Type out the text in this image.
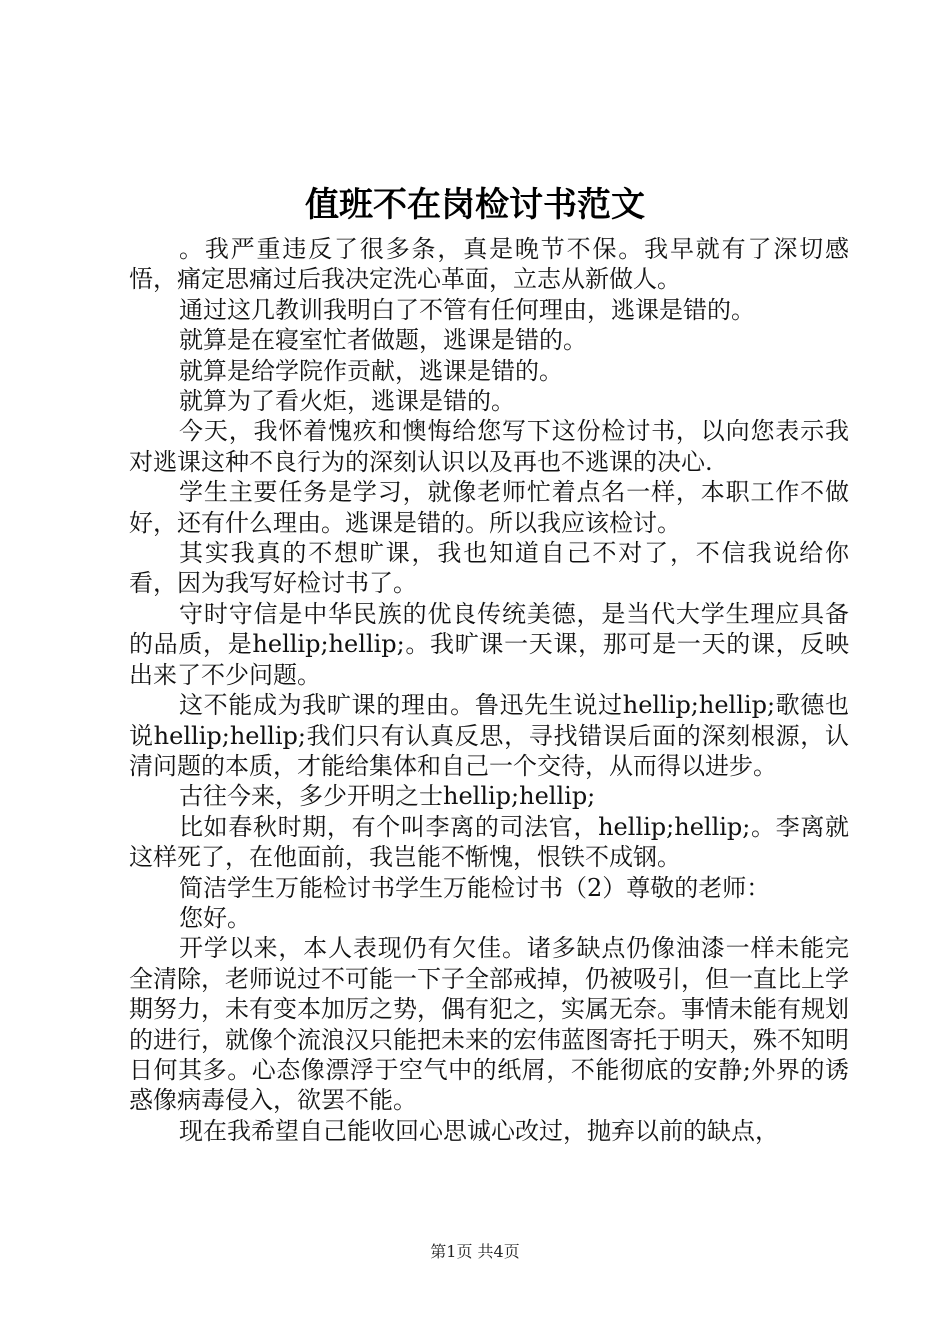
值班不在岗检讨书范文

。我严重违反了很多条，真是晚节不保。我早就有了深切感悟，痛定思痛过后我决定洗心革面，立志从新做人。

通过这几教训我明白了不管有任何理由，逃课是错的。

就算是在寝室忙者做题，逃课是错的。

就算是给学院作贡献，逃课是错的。

就算为了看火炬，逃课是错的。

今天，我怀着愧疚和懊悔给您写下这份检讨书，以向您表示我对逃课这种不良行为的深刻认识以及再也不逃课的决心.

学生主要任务是学习，就像老师忙着点名一样，本职工作不做好，还有什么理由。逃课是错的。所以我应该检讨。

其实我真的不想旷课，我也知道自己不对了，不信我说给你看，因为我写好检讨书了。

守时守信是中华民族的优良传统美德，是当代大学生理应具备的品质，是hellip;hellip;。我旷课一天课，那可是一天的课，反映出来了不少问题。

这不能成为我旷课的理由。鲁迅先生说过hellip;hellip;歌德也说hellip;hellip;我们只有认真反思，寻找错误后面的深刻根源，认清问题的本质，才能给集体和自己一个交待，从而得以进步。

古往今来，多少开明之士hellip;hellip;

比如春秋时期，有个叫李离的司法官，hellip;hellip;。李离就这样死了，在他面前，我岂能不惭愧，恨铁不成钢。

简洁学生万能检讨书学生万能检讨书（2）尊敬的老师：

您好。

开学以来，本人表现仍有欠佳。诸多缺点仍像油漆一样未能完全清除，老师说过不可能一下子全部戒掉，仍被吸引，但一直比上学期努力，未有变本加厉之势，偶有犯之，实属无奈。事情未能有规划的进行，就像个流浪汉只能把未来的宏伟蓝图寄托于明天，殊不知明日何其多。心态像漂浮于空气中的纸屑，不能彻底的安静;外界的诱惑像病毒侵入，欲罢不能。

现在我希望自己能收回心思诚心改过，抛弃以前的缺点，

第1页 共4页
